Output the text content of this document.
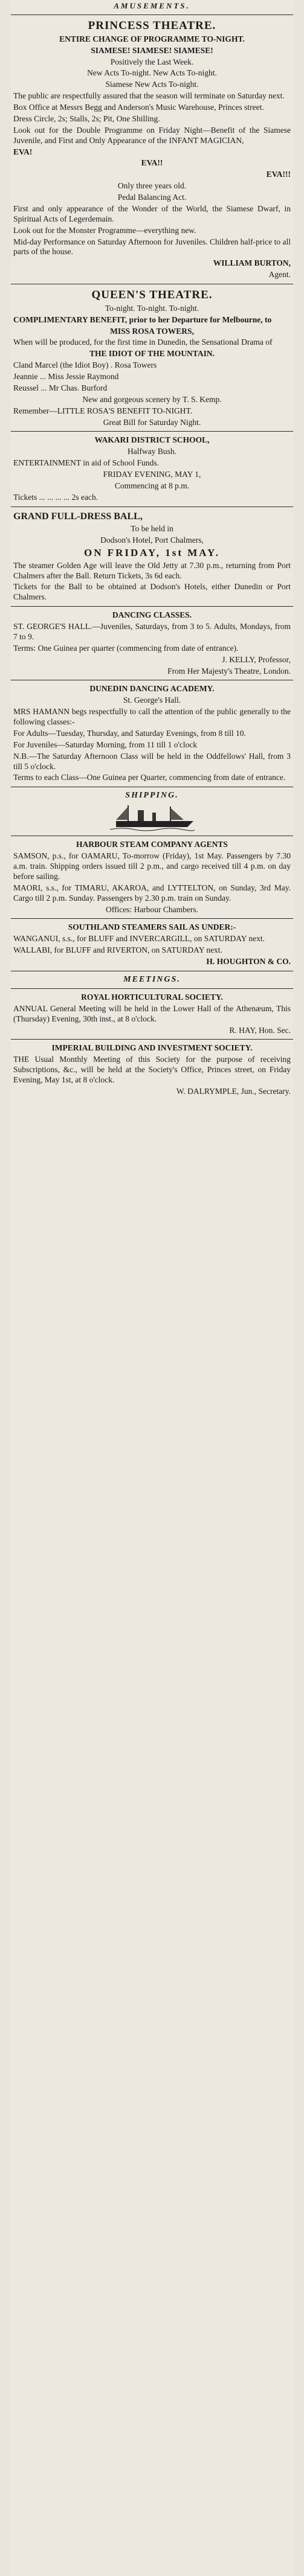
AMUSEMENTS.
PRINCESS THEATRE.

ENTIRE CHANGE OF PROGRAMME TO-NIGHT.

SIAMESE! SIAMESE! SIAMESE!

Positively the Last Week.

New Acts To-night. New Acts To-night.

Siamese New Acts To-night.

The public are respectfully assured that the season will terminate on Saturday next.

Box Office at Messrs Begg and Anderson's Music Warehouse, Princes street.

Dress Circle, 2s; Stalls, 2s; Pit, One Shilling.

Look out for the Double Programme on Friday Night—Benefit of the Siamese Juvenile, and First and Only Appearance of the INFANT MAGICIAN,

EVA!

EVA!!

EVA!!!

Only three years old.

Pedal Balancing Act.

First and only appearance of the Wonder of the World, the Siamese Dwarf, in Spiritual Acts of Legerdemain.

Look out for the Monster Programme—everything new.

Mid-day Performance on Saturday Afternoon for Juveniles. Children half-price to all parts of the house.

WILLIAM BURTON,

Agent.

QUEEN'S THEATRE.

To-night. To-night. To-night.

COMPLIMENTARY BENEFIT, prior to her Departure for Melbourne, to

MISS ROSA TOWERS,

When will be produced, for the first time in Dunedin, the Sensational Drama of

THE IDIOT OF THE MOUNTAIN.

Cland Marcel (the Idiot Boy) . Rosa Towers

Jeannie ... Miss Jessie Raymond

Reussel ... Mr Chas. Burford

New and gorgeous scenery by T. S. Kemp.

Remember—LITTLE ROSA'S BENEFIT TO-NIGHT.

Great Bill for Saturday Night.

WAKARI DISTRICT SCHOOL,

Halfway Bush.

ENTERTAINMENT in aid of School Funds.

FRIDAY EVENING, MAY 1,

Commencing at 8 p.m.

Tickets ... ... ... ... 2s each.

GRAND FULL-DRESS BALL,

To be held in

Dodson's Hotel, Port Chalmers,

ON FRIDAY, 1st MAY.

The steamer Golden Age will leave the Old Jetty at 7.30 p.m., returning from Port Chalmers after the Ball. Return Tickets, 3s 6d each.

Tickets for the Ball to be obtained at Dodson's Hotels, either Dunedin or Port Chalmers.

DANCING CLASSES.

ST. GEORGE'S HALL.—Juveniles, Saturdays, from 3 to 5. Adults, Mondays, from 7 to 9.

Terms: One Guinea per quarter (commencing from date of entrance).

J. KELLY, Professor,

From Her Majesty's Theatre, London.

DUNEDIN DANCING ACADEMY.

St. George's Hall.

MRS HAMANN begs respectfully to call the attention of the public generally to the following classes:-

For Adults—Tuesday, Thursday, and Saturday Evenings, from 8 till 10.

For Juveniles—Saturday Morning, from 11 till 1 o'clock

N.B.—The Saturday Afternoon Class will be held in the Oddfellows' Hall, from 3 till 5 o'clock.

Terms to each Class—One Guinea per Quarter, commencing from date of entrance.

SHIPPING.

HARBOUR STEAM COMPANY AGENTS

SAMSON, p.s., for OAMARU, To-morrow (Friday), 1st May. Passengers by 7.30 a.m. train. Shipping orders issued till 2 p.m., and cargo received till 4 p.m. on day before sailing.

MAORI, s.s., for TIMARU, AKAROA, and LYTTELTON, on Sunday, 3rd May. Cargo till 2 p.m. Sunday. Passengers by 2.30 p.m. train on Sunday.

Offices: Harbour Chambers.

SOUTHLAND STEAMERS SAIL AS UNDER:-

WANGANUI, s.s., for BLUFF and INVERCARGILL, on SATURDAY next.

WALLABI, for BLUFF and RIVERTON, on SATURDAY next.

H. HOUGHTON & CO.

MEETINGS.

ROYAL HORTICULTURAL SOCIETY.

ANNUAL General Meeting will be held in the Lower Hall of the Athenæum, This (Thursday) Evening, 30th inst., at 8 o'clock.

R. HAY, Hon. Sec.

IMPERIAL BUILDING AND INVESTMENT SOCIETY.

THE Usual Monthly Meeting of this Society for the purpose of receiving Subscriptions, &c., will be held at the Society's Office, Princes street, on Friday Evening, May 1st, at 8 o'clock.

W. DALRYMPLE, Jun., Secretary.
